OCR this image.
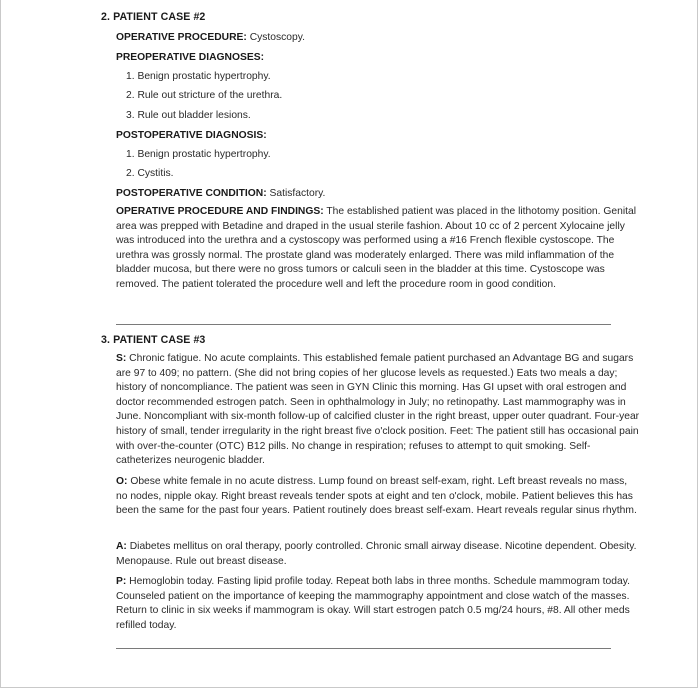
2. PATIENT CASE #2
OPERATIVE PROCEDURE: Cystoscopy.
PREOPERATIVE DIAGNOSES:
1. Benign prostatic hypertrophy.
2. Rule out stricture of the urethra.
3. Rule out bladder lesions.
POSTOPERATIVE DIAGNOSIS:
1. Benign prostatic hypertrophy.
2. Cystitis.
POSTOPERATIVE CONDITION: Satisfactory.
OPERATIVE PROCEDURE AND FINDINGS: The established patient was placed in the lithotomy position. Genital area was prepped with Betadine and draped in the usual sterile fashion. About 10 cc of 2 percent Xylocaine jelly was introduced into the urethra and a cystoscopy was performed using a #16 French flexible cystoscope. The urethra was grossly normal. The prostate gland was moderately enlarged. There was mild inflammation of the bladder mucosa, but there were no gross tumors or calculi seen in the bladder at this time. Cystoscope was removed. The patient tolerated the procedure well and left the procedure room in good condition.
3. PATIENT CASE #3
S: Chronic fatigue. No acute complaints. This established female patient purchased an Advantage BG and sugars are 97 to 409; no pattern. (She did not bring copies of her glucose levels as requested.) Eats two meals a day; history of noncompliance. The patient was seen in GYN Clinic this morning. Has GI upset with oral estrogen and doctor recommended estrogen patch. Seen in ophthalmology in July; no retinopathy. Last mammography was in June. Noncompliant with six-month follow-up of calcified cluster in the right breast, upper outer quadrant. Four-year history of small, tender irregularity in the right breast five o'clock position. Feet: The patient still has occasional pain with over-the-counter (OTC) B12 pills. No change in respiration; refuses to attempt to quit smoking. Self-catheterizes neurogenic bladder.
O: Obese white female in no acute distress. Lump found on breast self-exam, right. Left breast reveals no mass, no nodes, nipple okay. Right breast reveals tender spots at eight and ten o'clock, mobile. Patient believes this has been the same for the past four years. Patient routinely does breast self-exam. Heart reveals regular sinus rhythm.
A: Diabetes mellitus on oral therapy, poorly controlled. Chronic small airway disease. Nicotine dependent. Obesity. Menopause. Rule out breast disease.
P: Hemoglobin today. Fasting lipid profile today. Repeat both labs in three months. Schedule mammogram today. Counseled patient on the importance of keeping the mammography appointment and close watch of the masses. Return to clinic in six weeks if mammogram is okay. Will start estrogen patch 0.5 mg/24 hours, #8. All other meds refilled today.
